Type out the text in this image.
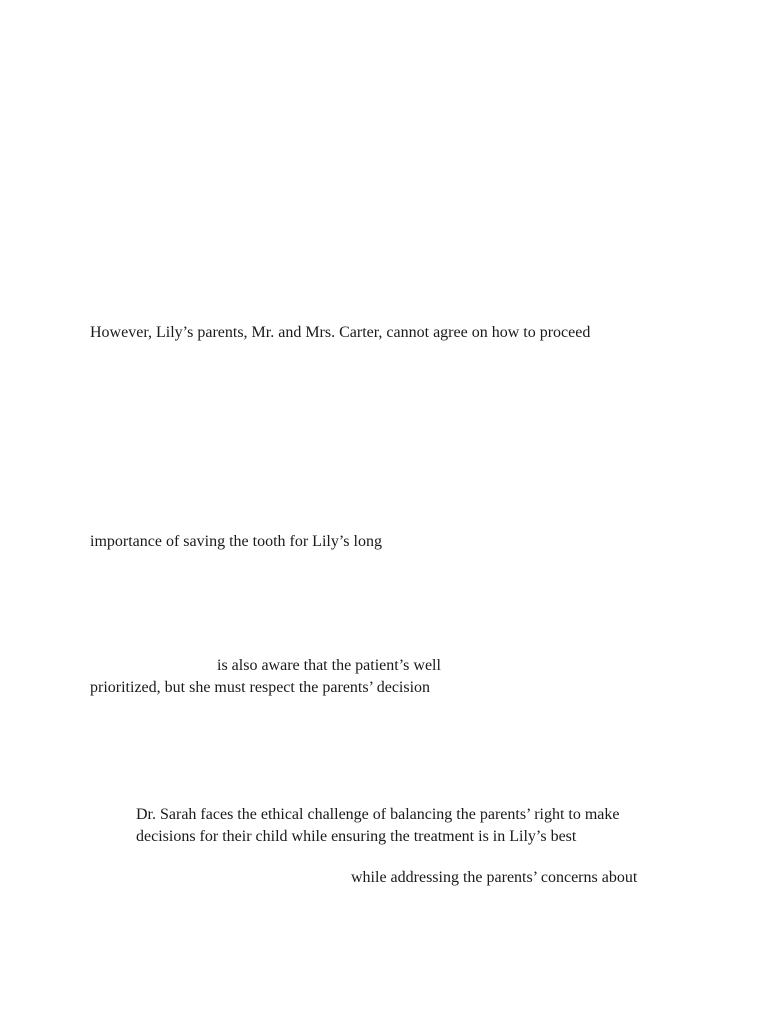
However, Lily’s parents, Mr. and Mrs. Carter, cannot agree on how to proceed
importance of saving the tooth for Lily’s long
is also aware that the patient’s well
prioritized, but she must respect the parents’ decision
Dr. Sarah faces the ethical challenge of balancing the parents’ right to make
decisions for their child while ensuring the treatment is in Lily’s best
while addressing the parents’ concerns about
